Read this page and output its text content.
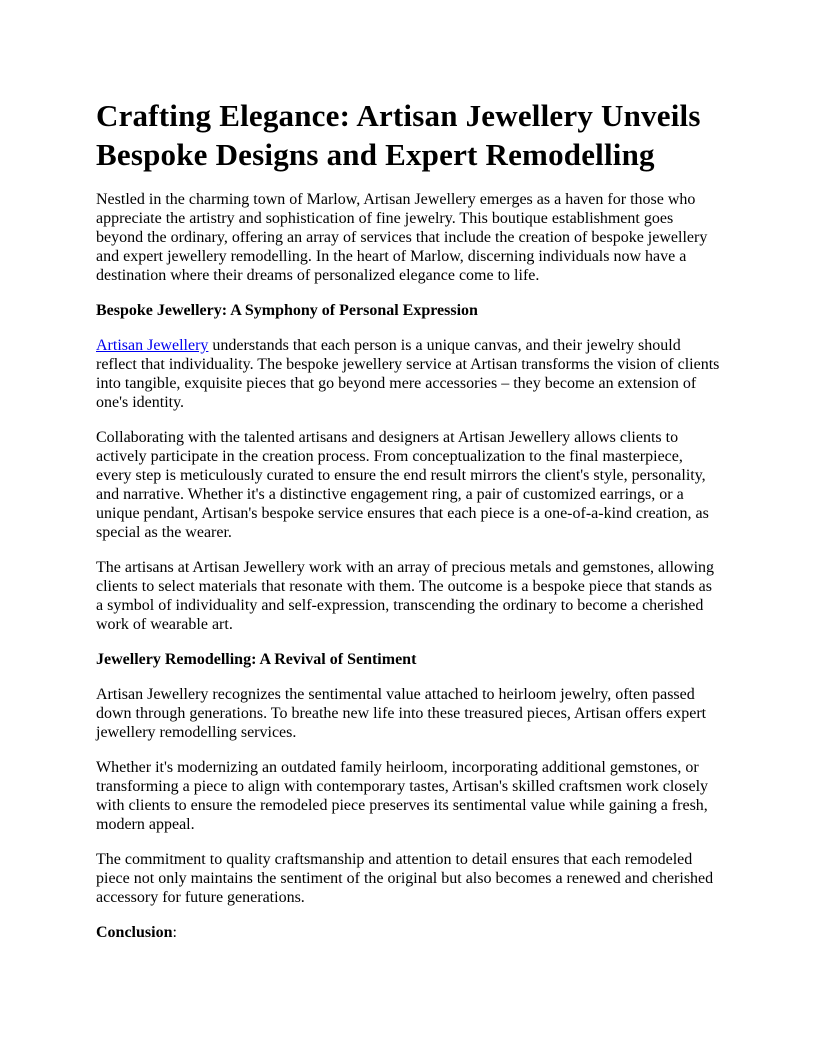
Crafting Elegance: Artisan Jewellery Unveils Bespoke Designs and Expert Remodelling

Nestled in the charming town of Marlow, Artisan Jewellery emerges as a haven for those who appreciate the artistry and sophistication of fine jewelry. This boutique establishment goes beyond the ordinary, offering an array of services that include the creation of bespoke jewellery and expert jewellery remodelling. In the heart of Marlow, discerning individuals now have a destination where their dreams of personalized elegance come to life.

Bespoke Jewellery: A Symphony of Personal Expression

Artisan Jewellery understands that each person is a unique canvas, and their jewelry should reflect that individuality. The bespoke jewellery service at Artisan transforms the vision of clients into tangible, exquisite pieces that go beyond mere accessories – they become an extension of one's identity.

Collaborating with the talented artisans and designers at Artisan Jewellery allows clients to actively participate in the creation process. From conceptualization to the final masterpiece, every step is meticulously curated to ensure the end result mirrors the client's style, personality, and narrative. Whether it's a distinctive engagement ring, a pair of customized earrings, or a unique pendant, Artisan's bespoke service ensures that each piece is a one-of-a-kind creation, as special as the wearer.

The artisans at Artisan Jewellery work with an array of precious metals and gemstones, allowing clients to select materials that resonate with them. The outcome is a bespoke piece that stands as a symbol of individuality and self-expression, transcending the ordinary to become a cherished work of wearable art.

Jewellery Remodelling: A Revival of Sentiment

Artisan Jewellery recognizes the sentimental value attached to heirloom jewelry, often passed down through generations. To breathe new life into these treasured pieces, Artisan offers expert jewellery remodelling services.

Whether it's modernizing an outdated family heirloom, incorporating additional gemstones, or transforming a piece to align with contemporary tastes, Artisan's skilled craftsmen work closely with clients to ensure the remodeled piece preserves its sentimental value while gaining a fresh, modern appeal.

The commitment to quality craftsmanship and attention to detail ensures that each remodeled piece not only maintains the sentiment of the original but also becomes a renewed and cherished accessory for future generations.

Conclusion:
